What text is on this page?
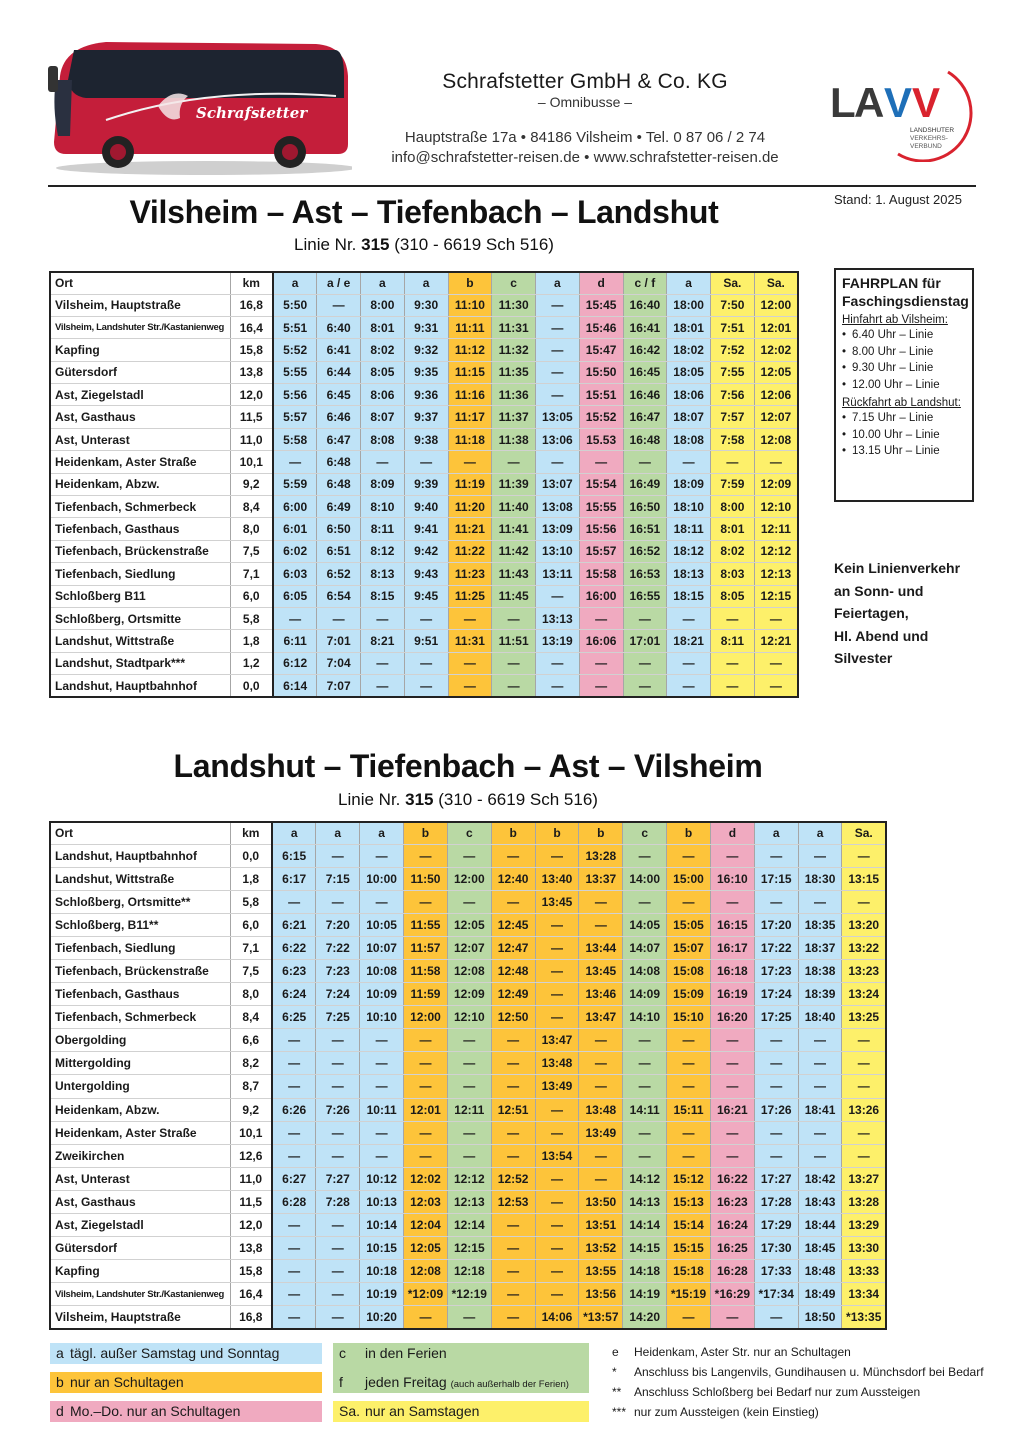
Schrafstetter
Schrafstetter GmbH & Co. KG
– Omnibusse –
Hauptstraße 17a • 84186 Vilsheim • Tel. 0 87 06 / 2 74
info@schrafstetter-reisen.de • www.schrafstetter-reisen.de
L
A V V
LANDSHUTER
VERKEHRS-
VERBUND
Stand: 1. August 2025
Vilsheim – Ast – Tiefenbach – Landshut
Linie Nr. 315 (310 - 6619 Sch 516)
Ort	km	a	a / e	a	a	b	c	a	d	c / f	a	Sa.	Sa.
Vilsheim, Hauptstraße	16,8	5:50	—	8:00	9:30	11:10	11:30	—	15:45	16:40	18:00	7:50	12:00
Vilsheim, Landshuter Str./Kastanienweg	16,4	5:51	6:40	8:01	9:31	11:11	11:31	—	15:46	16:41	18:01	7:51	12:01
Kapfing	15,8	5:52	6:41	8:02	9:32	11:12	11:32	—	15:47	16:42	18:02	7:52	12:02
Gütersdorf	13,8	5:55	6:44	8:05	9:35	11:15	11:35	—	15:50	16:45	18:05	7:55	12:05
Ast, Ziegelstadl	12,0	5:56	6:45	8:06	9:36	11:16	11:36	—	15:51	16:46	18:06	7:56	12:06
Ast, Gasthaus	11,5	5:57	6:46	8:07	9:37	11:17	11:37	13:05	15:52	16:47	18:07	7:57	12:07
Ast, Unterast	11,0	5:58	6:47	8:08	9:38	11:18	11:38	13:06	15.53	16:48	18:08	7:58	12:08
Heidenkam, Aster Straße	10,1	—	6:48	—	—	—	—	—	—	—	—	—	—
Heidenkam, Abzw.	9,2	5:59	6:48	8:09	9:39	11:19	11:39	13:07	15:54	16:49	18:09	7:59	12:09
Tiefenbach, Schmerbeck	8,4	6:00	6:49	8:10	9:40	11:20	11:40	13:08	15:55	16:50	18:10	8:00	12:10
Tiefenbach, Gasthaus	8,0	6:01	6:50	8:11	9:41	11:21	11:41	13:09	15:56	16:51	18:11	8:01	12:11
Tiefenbach, Brückenstraße	7,5	6:02	6:51	8:12	9:42	11:22	11:42	13:10	15:57	16:52	18:12	8:02	12:12
Tiefenbach, Siedlung	7,1	6:03	6:52	8:13	9:43	11:23	11:43	13:11	15:58	16:53	18:13	8:03	12:13
Schloßberg B11	6,0	6:05	6:54	8:15	9:45	11:25	11:45	—	16:00	16:55	18:15	8:05	12:15
Schloßberg, Ortsmitte	5,8	—	—	—	—	—	—	13:13	—	—	—	—	—
Landshut, Wittstraße	1,8	6:11	7:01	8:21	9:51	11:31	11:51	13:19	16:06	17:01	18:21	8:11	12:21
Landshut, Stadtpark***	1,2	6:12	7:04	—	—	—	—	—	—	—	—	—	—
Landshut, Hauptbahnhof	0,0	6:14	7:07	—	—	—	—	—	—	—	—	—	—
FAHRPLAN für
Faschingsdienstag
Hinfahrt ab Vilsheim:
• 6.40 Uhr – Linie
• 8.00 Uhr – Linie
• 9.30 Uhr – Linie
• 12.00 Uhr – Linie
Rückfahrt ab Landshut:
• 7.15 Uhr – Linie
• 10.00 Uhr – Linie
• 13.15 Uhr – Linie
Kein Linienverkehr
an Sonn- und
Feiertagen,
Hl. Abend und
Silvester
Landshut – Tiefenbach – Ast – Vilsheim
Linie Nr. 315 (310 - 6619 Sch 516)
Ort	km	a	a	a	b	c	b	b	b	c	b	d	a	a	Sa.
Landshut, Hauptbahnhof	0,0	6:15	—	—	—	—	—	—	13:28	—	—	—	—	—	—
Landshut, Wittstraße	1,8	6:17	7:15	10:00	11:50	12:00	12:40	13:40	13:37	14:00	15:00	16:10	17:15	18:30	13:15
Schloßberg, Ortsmitte**	5,8	—	—	—	—	—	—	13:45	—	—	—	—	—	—	—
Schloßberg, B11**	6,0	6:21	7:20	10:05	11:55	12:05	12:45	—	—	14:05	15:05	16:15	17:20	18:35	13:20
Tiefenbach, Siedlung	7,1	6:22	7:22	10:07	11:57	12:07	12:47	—	13:44	14:07	15:07	16:17	17:22	18:37	13:22
Tiefenbach, Brückenstraße	7,5	6:23	7:23	10:08	11:58	12:08	12:48	—	13:45	14:08	15:08	16:18	17:23	18:38	13:23
Tiefenbach, Gasthaus	8,0	6:24	7:24	10:09	11:59	12:09	12:49	—	13:46	14:09	15:09	16:19	17:24	18:39	13:24
Tiefenbach, Schmerbeck	8,4	6:25	7:25	10:10	12:00	12:10	12:50	—	13:47	14:10	15:10	16:20	17:25	18:40	13:25
Obergolding	6,6	—	—	—	—	—	—	13:47	—	—	—	—	—	—	—
Mittergolding	8,2	—	—	—	—	—	—	13:48	—	—	—	—	—	—	—
Untergolding	8,7	—	—	—	—	—	—	13:49	—	—	—	—	—	—	—
Heidenkam, Abzw.	9,2	6:26	7:26	10:11	12:01	12:11	12:51	—	13:48	14:11	15:11	16:21	17:26	18:41	13:26
Heidenkam, Aster Straße	10,1	—	—	—	—	—	—	—	13:49	—	—	—	—	—	—
Zweikirchen	12,6	—	—	—	—	—	—	13:54	—	—	—	—	—	—	—
Ast, Unterast	11,0	6:27	7:27	10:12	12:02	12:12	12:52	—	—	14:12	15:12	16:22	17:27	18:42	13:27
Ast, Gasthaus	11,5	6:28	7:28	10:13	12:03	12:13	12:53	—	13:50	14:13	15:13	16:23	17:28	18:43	13:28
Ast, Ziegelstadl	12,0	—	—	10:14	12:04	12:14	—	—	13:51	14:14	15:14	16:24	17:29	18:44	13:29
Gütersdorf	13,8	—	—	10:15	12:05	12:15	—	—	13:52	14:15	15:15	16:25	17:30	18:45	13:30
Kapfing	15,8	—	—	10:18	12:08	12:18	—	—	13:55	14:18	15:18	16:28	17:33	18:48	13:33
Vilsheim, Landshuter Str./Kastanienweg	16,4	—	—	10:19	*12:09	*12:19	—	—	13:56	14:19	*15:19	*16:29	*17:34	18:49	13:34
Vilsheim, Hauptstraße	16,8	—	—	10:20	—	—	—	14:06	*13:57	14:20	—	—	—	18:50	*13:35
a tägl. außer Samstag und Sonntag
b nur an Schultagen
d Mo.–Do. nur an Schultagen
c in den Ferien
f jeden Freitag (auch außerhalb der Ferien)
Sa. nur an Samstagen
e Heidenkam, Aster Str. nur an Schultagen
* Anschluss bis Langenvils, Gundihausen u. Münchsdorf bei Bedarf
** Anschluss Schloßberg bei Bedarf nur zum Aussteigen
*** nur zum Aussteigen (kein Einstieg)
